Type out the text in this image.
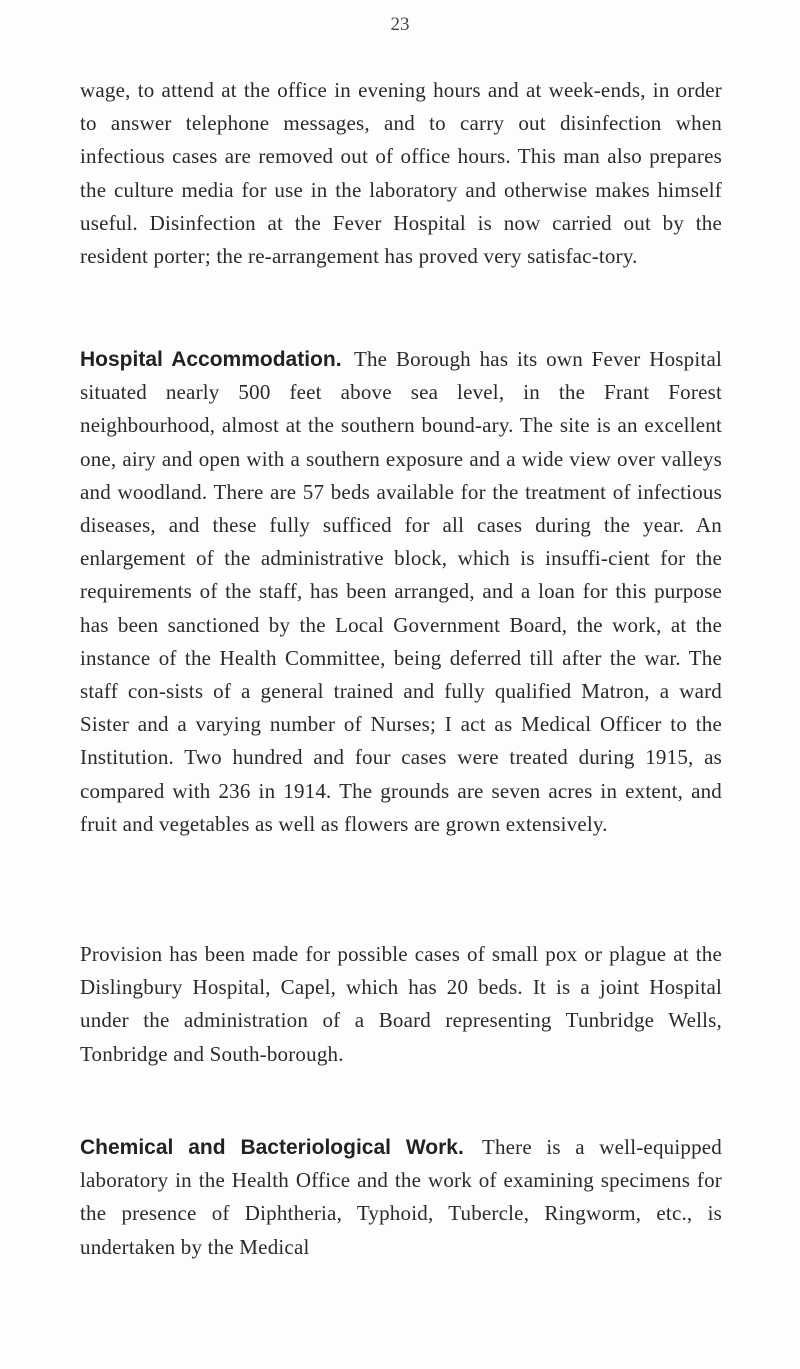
23

wage, to attend at the office in evening hours and at week-ends, in order to answer telephone messages, and to carry out disinfection when infectious cases are removed out of office hours. This man also prepares the culture media for use in the laboratory and otherwise makes himself useful. Disinfection at the Fever Hospital is now carried out by the resident porter; the re-arrangement has proved very satisfac-tory.

Hospital Accommodation. The Borough has its own Fever Hospital situated nearly 500 feet above sea level, in the Frant Forest neighbourhood, almost at the southern bound-ary. The site is an excellent one, airy and open with a southern exposure and a wide view over valleys and woodland. There are 57 beds available for the treatment of infectious diseases, and these fully sufficed for all cases during the year. An enlargement of the administrative block, which is insuffi-cient for the requirements of the staff, has been arranged, and a loan for this purpose has been sanctioned by the Local Government Board, the work, at the instance of the Health Committee, being deferred till after the war. The staff con-sists of a general trained and fully qualified Matron, a ward Sister and a varying number of Nurses; I act as Medical Officer to the Institution. Two hundred and four cases were treated during 1915, as compared with 236 in 1914. The grounds are seven acres in extent, and fruit and vegetables as well as flowers are grown extensively.

Provision has been made for possible cases of small pox or plague at the Dislingbury Hospital, Capel, which has 20 beds. It is a joint Hospital under the administration of a Board representing Tunbridge Wells, Tonbridge and South-borough.

Chemical and Bacteriological Work. There is a well-equipped laboratory in the Health Office and the work of examining specimens for the presence of Diphtheria, Typhoid, Tubercle, Ringworm, etc., is undertaken by the Medical
